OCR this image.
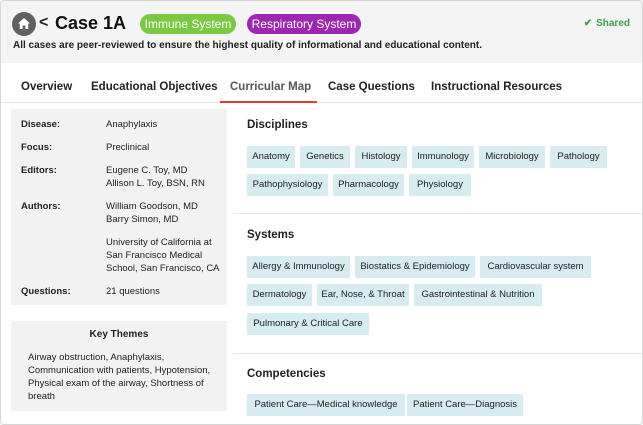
< Case 1A	Immune System	Respiratory System	✔ Shared
All cases are peer-reviewed to ensure the highest quality of informational and educational content.
Overview Educational Objectives Curricular Map Case Questions Instructional Resources
Disease:	Anaphylaxis
Focus:	Preclinical
Editors:	Eugene C. Toy, MD
Allison L. Toy, BSN, RN
Authors:	William Goodson, MD
Barry Simon, MD
University of California at
San Francisco Medical
School, San Francisco, CA
Questions:	21 questions
Key Themes
Airway obstruction, Anaphylaxis,
Communication with patients, Hypotension,
Physical exam of the airway, Shortness of
breath
Disciplines
Anatomy	Genetics	Histology	Immunology	Microbiology	Pathology
Pathophysiology	Pharmacology	Physiology
Systems
Allergy & Immunology	Biostatics & Epidemiology	Cardiovascular system
Dermatology	Ear, Nose, & Throat	Gastrointestinal & Nutrition
Pulmonary & Critical Care
Competencies
Patient Care—Medical knowledge	Patient Care—Diagnosis
